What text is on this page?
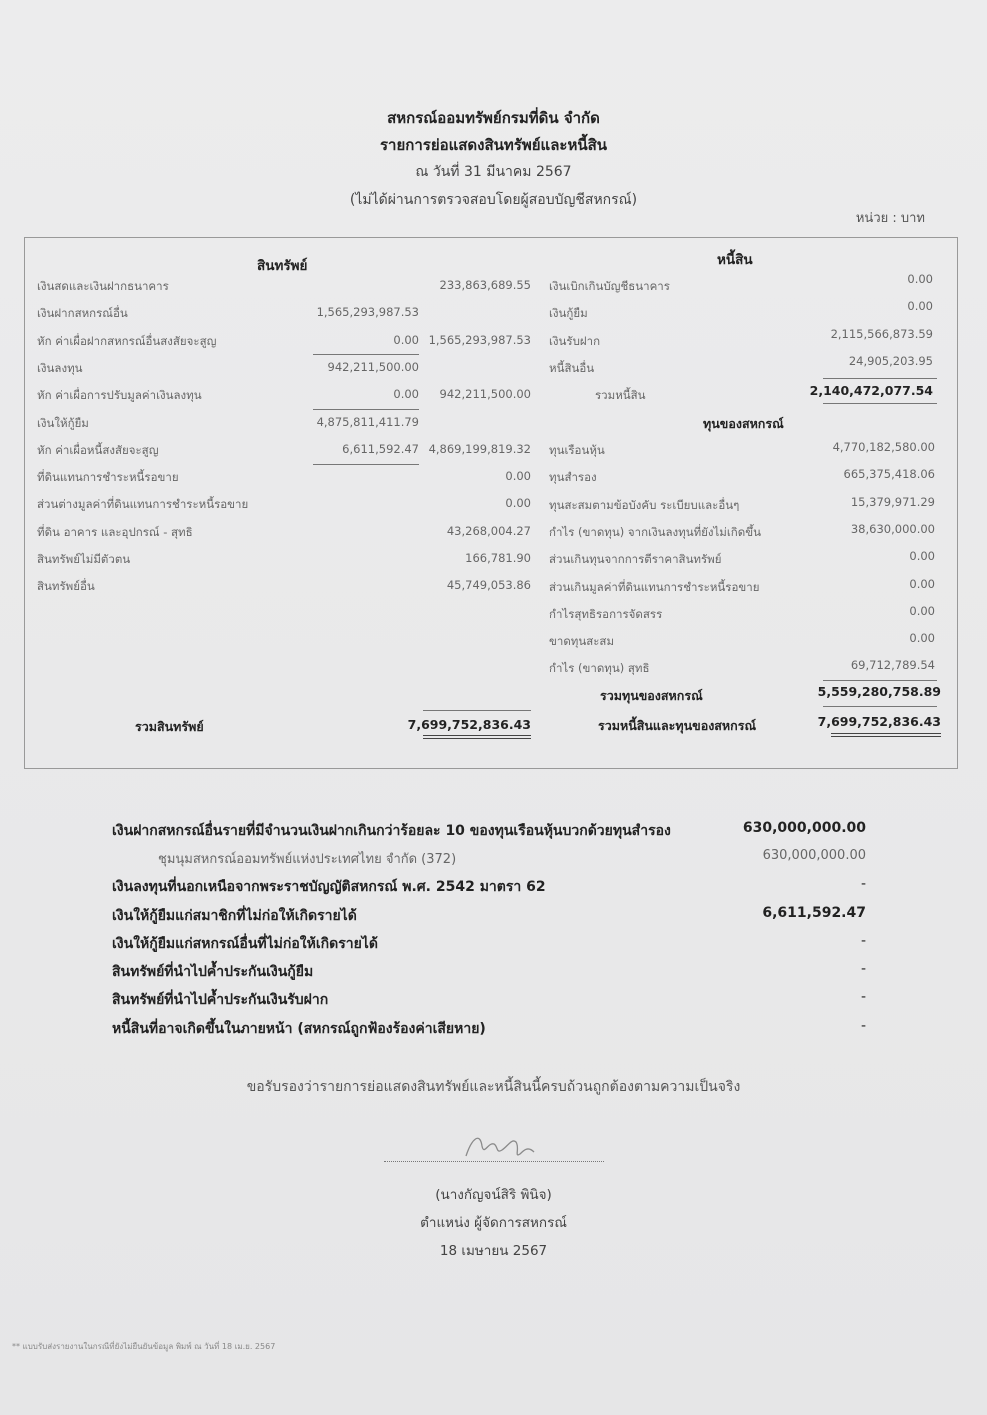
สหกรณ์ออมทรัพย์กรมที่ดิน จำกัด
รายการย่อแสดงสินทรัพย์และหนี้สิน
ณ วันที่ 31 มีนาคม 2567
(ไม่ได้ผ่านการตรวจสอบโดยผู้สอบบัญชีสหกรณ์)
หน่วย : บาท
สินทรัพย์	หนี้สิน
เงินสดและเงินฝากธนาคาร	233,863,689.55
เงินฝากสหกรณ์อื่น	1,565,293,987.53
หัก ค่าเผื่อฝากสหกรณ์อื่นสงสัยจะสูญ	0.00 1,565,293,987.53
เงินลงทุน	942,211,500.00
หัก ค่าเผื่อการปรับมูลค่าเงินลงทุน	0.00	942,211,500.00
เงินให้กู้ยืม	4,875,811,411.79
หัก ค่าเผื่อหนี้สงสัยจะสูญ	6,611,592.47 4,869,199,819.32
ที่ดินแทนการชำระหนี้รอขาย	0.00
ส่วนต่างมูลค่าที่ดินแทนการชำระหนี้รอขาย	0.00
ที่ดิน อาคาร และอุปกรณ์ - สุทธิ	43,268,004.27
สินทรัพย์ไม่มีตัวตน	166,781.90
สินทรัพย์อื่น	45,749,053.86
เงินเบิกเกินบัญชีธนาคาร	0.00
เงินกู้ยืม	0.00
เงินรับฝาก	2,115,566,873.59
หนี้สินอื่น	24,905,203.95
รวมหนี้สิน	2,140,472,077.54
ทุนของสหกรณ์
ทุนเรือนหุ้น	4,770,182,580.00
ทุนสำรอง	665,375,418.06
ทุนสะสมตามข้อบังคับ ระเบียบและอื่นๆ	15,379,971.29
กำไร (ขาดทุน) จากเงินลงทุนที่ยังไม่เกิดขึ้น	38,630,000.00
ส่วนเกินทุนจากการตีราคาสินทรัพย์	0.00
ส่วนเกินมูลค่าที่ดินแทนการชำระหนี้รอขาย	0.00
กำไรสุทธิรอการจัดสรร	0.00
ขาดทุนสะสม	0.00
กำไร (ขาดทุน) สุทธิ	69,712,789.54
รวมสินทรัพย์	7,699,752,836.43
รวมทุนของสหกรณ์	5,559,280,758.89
รวมหนี้สินและทุนของสหกรณ์	7,699,752,836.43
เงินฝากสหกรณ์อื่นรายที่มีจำนวนเงินฝากเกินกว่าร้อยละ 10 ของทุนเรือนหุ้นบวกด้วยทุนสำรอง	630,000,000.00
ชุมนุมสหกรณ์ออมทรัพย์แห่งประเทศไทย จำกัด (372)	630,000,000.00
เงินลงทุนที่นอกเหนือจากพระราชบัญญัติสหกรณ์ พ.ศ. 2542 มาตรา 62	-
เงินให้กู้ยืมแก่สมาชิกที่ไม่ก่อให้เกิดรายได้	6,611,592.47
เงินให้กู้ยืมแก่สหกรณ์อื่นที่ไม่ก่อให้เกิดรายได้	-
สินทรัพย์ที่นำไปค้ำประกันเงินกู้ยืม	-
สินทรัพย์ที่นำไปค้ำประกันเงินรับฝาก	-
หนี้สินที่อาจเกิดขึ้นในภายหน้า (สหกรณ์ถูกฟ้องร้องค่าเสียหาย)	-
ขอรับรองว่ารายการย่อแสดงสินทรัพย์และหนี้สินนี้ครบถ้วนถูกต้องตามความเป็นจริง
(นางกัญจน์สิริ พินิจ)
ตำแหน่ง ผู้จัดการสหกรณ์
18 เมษายน 2567
** แบบรับส่งรายงานในกรณีที่ยังไม่ยืนยันข้อมูล พิมพ์ ณ วันที่ 18 เม.ย. 2567
